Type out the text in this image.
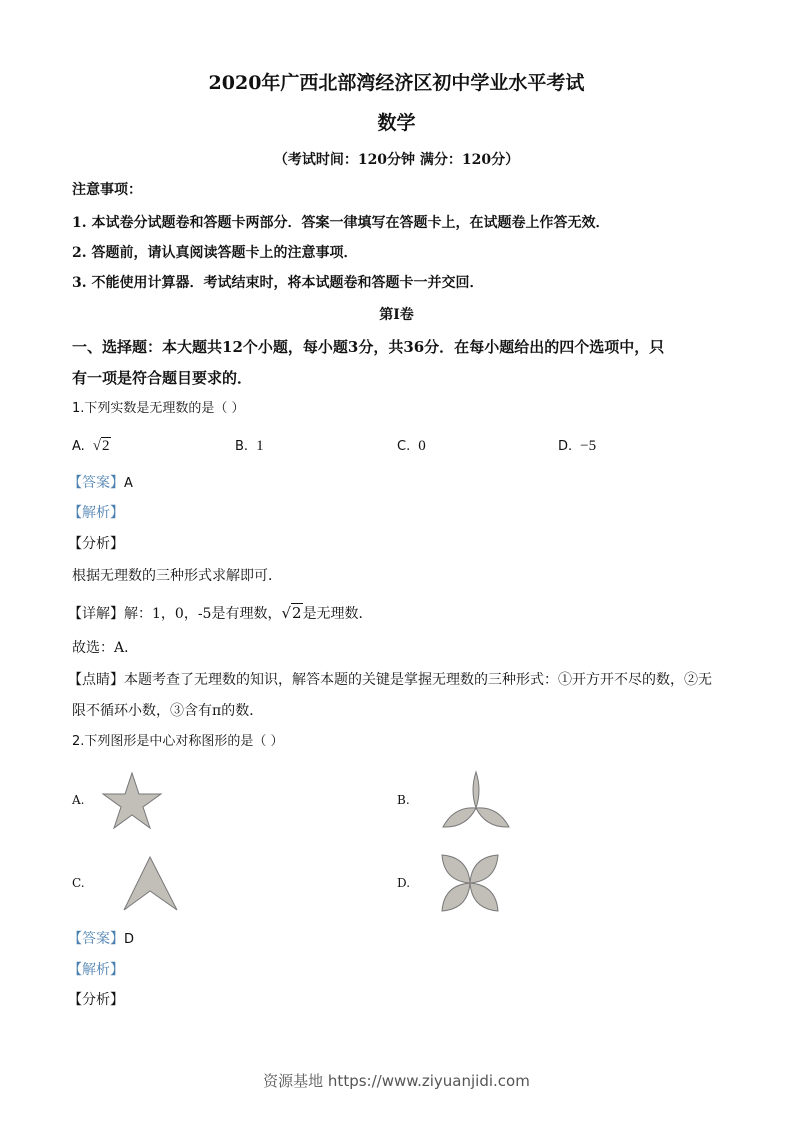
2020年广西北部湾经济区初中学业水平考试
数学
（考试时间：120分钟 满分：120分）
注意事项：
1. 本试卷分试题卷和答题卡两部分．答案一律填写在答题卡上，在试题卷上作答无效．
2. 答题前，请认真阅读答题卡上的注意事项．
3. 不能使用计算器．考试结束时，将本试题卷和答题卡一并交回．
第I卷
一、选择题：本大题共12个小题，每小题3分，共36分．在每小题给出的四个选项中，只
有一项是符合题目要求的．
1.下列实数是无理数的是（ ）
A. √2	B. 1	C. 0	D. −5
【答案】A
【解析】
【分析】
根据无理数的三种形式求解即可．
【详解】解：1，0，-5是有理数，√2是无理数．
故选：A．
【点睛】本题考查了无理数的知识，解答本题的关键是掌握无理数的三种形式：①开方开不尽的数，②无
限不循环小数，③含有π的数．
2.下列图形是中心对称图形的是（ ）
A.	B.
C.	D.
【答案】D
【解析】
【分析】
资源基地 https://www.ziyuanjidi.com
